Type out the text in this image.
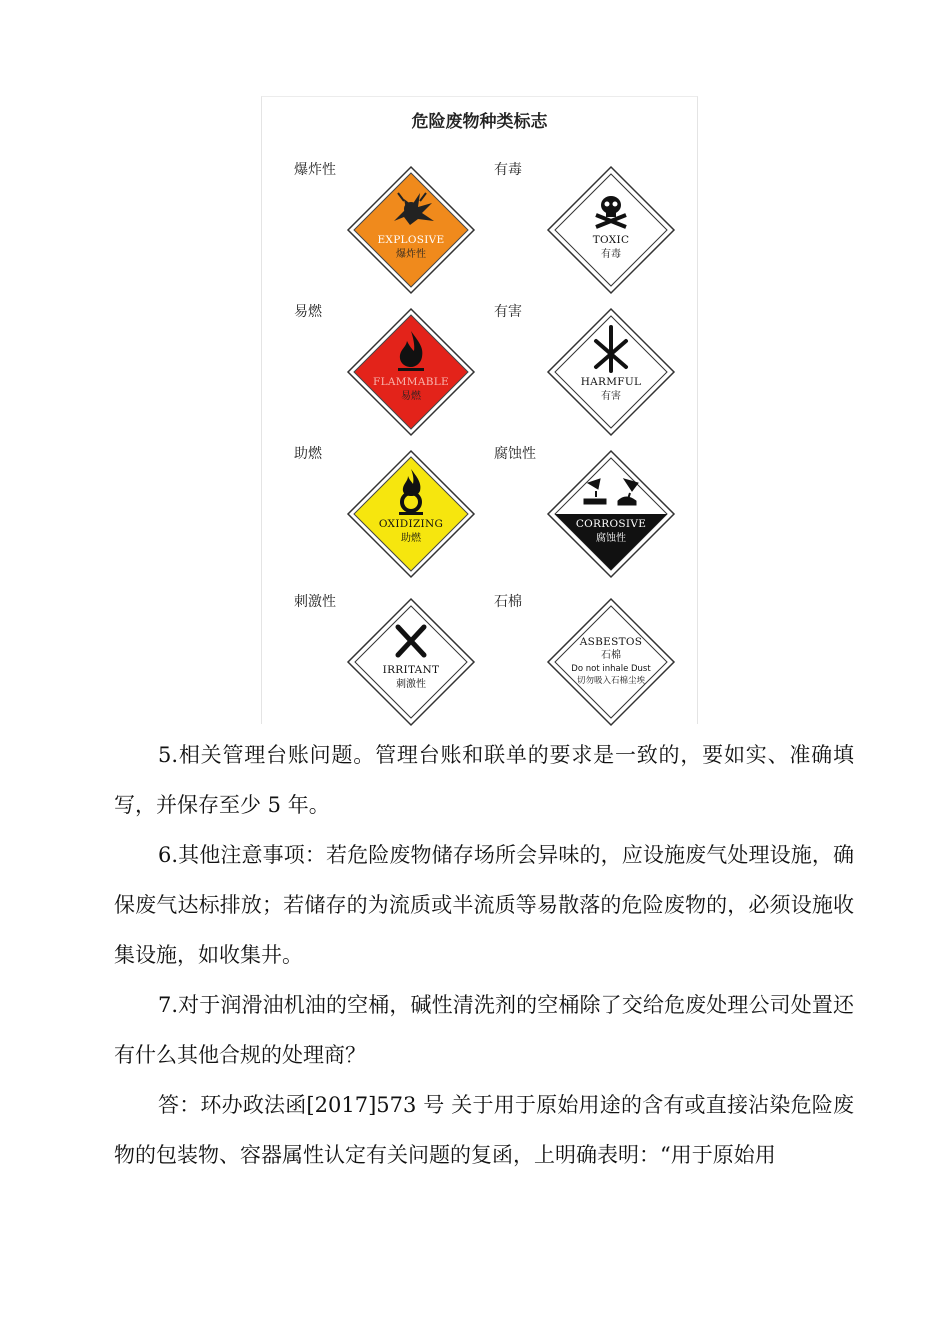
危险废物种类标志
爆炸性
EXPLOSIVE
爆炸性
有毒
TOXIC
有毒
易燃
FLAMMABLE
易燃
有害
HARMFUL
有害
助燃
OXIDIZING
助燃
腐蚀性
CORROSIVE
腐蚀性
刺激性
IRRITANT
刺激性
石棉
ASBESTOS
石棉
Do not inhale Dust
切勿吸入石棉尘埃

5.相关管理台账问题。管理台账和联单的要求是一致的，要如实、准确填写，并保存至少 5 年。

6.其他注意事项：若危险废物储存场所会异味的，应设施废气处理设施，确保废气达标排放；若储存的为流质或半流质等易散落的危险废物的，必须设施收集设施，如收集井。

7.对于润滑油机油的空桶，碱性清洗剂的空桶除了交给危废处理公司处置还有什么其他合规的处理商？

答：环办政法函[2017]573 号 关于用于原始用途的含有或直接沾染危险废物的包装物、容器属性认定有关问题的复函，上明确表明：“用于原始用
